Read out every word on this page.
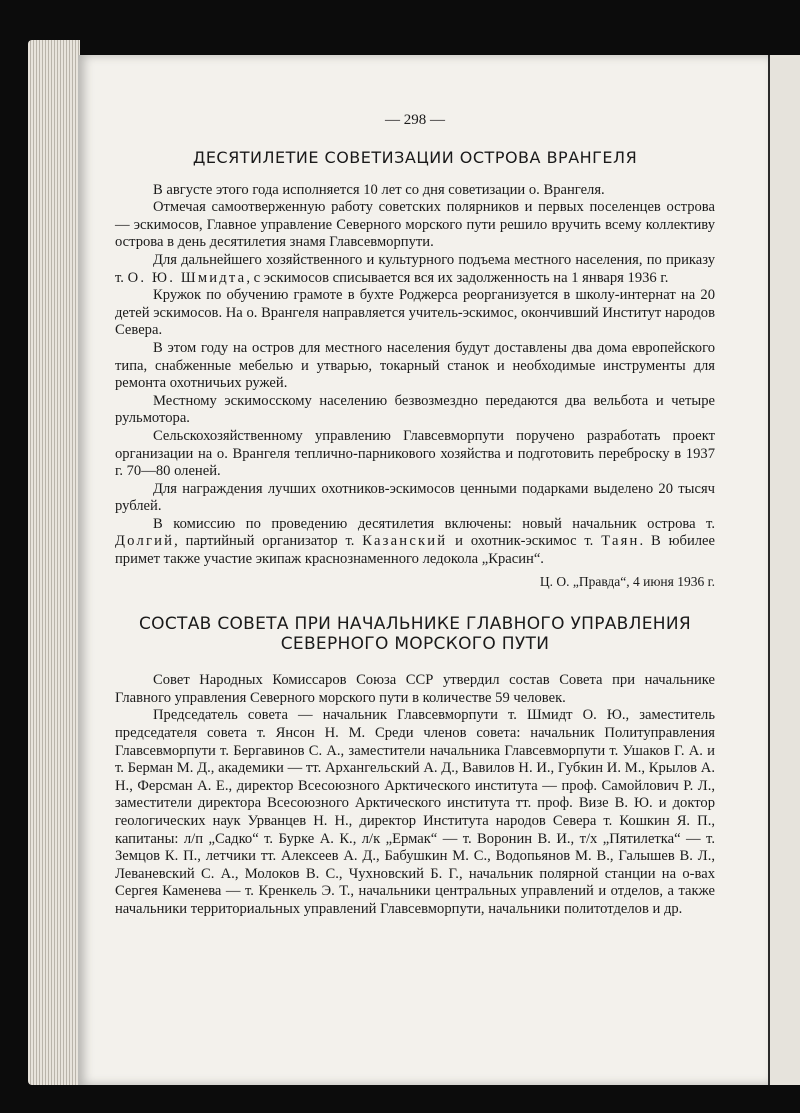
— 298 —
ДЕСЯТИЛЕТИЕ СОВЕТИЗАЦИИ ОСТРОВА ВРАНГЕЛЯ

В августе этого года исполняется 10 лет со дня советизации о. Врангеля.

Отмечая самоотверженную работу советских полярников и первых поселенцев острова — эскимосов, Главное управление Северного морского пути решило вручить всему коллективу острова в день десятилетия знамя Главсевморпути.

Для дальнейшего хозяйственного и культурного подъема местного населения, по приказу т. О. Ю. Шмидта, с эскимосов списывается вся их задолженность на 1 января 1936 г.

Кружок по обучению грамоте в бухте Роджерса реорганизуется в школу-интернат на 20 детей эскимосов. На о. Врангеля направляется учитель-эскимос, окончивший Институт народов Севера.

В этом году на остров для местного населения будут доставлены два дома европейского типа, снабженные мебелью и утварью, токарный станок и необходимые инструменты для ремонта охотничьих ружей.

Местному эскимосскому населению безвозмездно передаются два вельбота и четыре рульмотора.

Сельскохозяйственному управлению Главсевморпути поручено разработать проект организации на о. Врангеля теплично-парникового хозяйства и подготовить переброску в 1937 г. 70—80 оленей.

Для награждения лучших охотников-эскимосов ценными подарками выделено 20 тысяч рублей.

В комиссию по проведению десятилетия включены: новый начальник острова т. Долгий, партийный организатор т. Казанский и охотник-эскимос т. Таян. В юбилее примет также участие экипаж краснознаменного ледокола „Красин“.

Ц. О. „Правда“, 4 июня 1936 г.
СОСТАВ СОВЕТА ПРИ НАЧАЛЬНИКЕ ГЛАВНОГО УПРАВЛЕНИЯ
СЕВЕРНОГО МОРСКОГО ПУТИ

Совет Народных Комиссаров Союза ССР утвердил состав Совета при начальнике Главного управления Северного морского пути в количестве 59 человек.

Председатель совета — начальник Главсевморпути т. Шмидт О. Ю., заместитель председателя совета т. Янсон Н. М. Среди членов совета: начальник Политуправления Главсевморпути т. Бергавинов С. А., заместители начальника Главсевморпути т. Ушаков Г. А. и т. Берман М. Д., академики — тт. Архангельский А. Д., Вавилов Н. И., Губкин И. М., Крылов А. Н., Ферсман А. Е., директор Всесоюзного Арктического института — проф. Самойлович Р. Л., заместители директора Всесоюзного Арктического института тт. проф. Визе В. Ю. и доктор геологических наук Урванцев Н. Н., директор Института народов Севера т. Кошкин Я. П., капитаны: л/п „Садко“ т. Бурке А. К., л/к „Ермак“ — т. Воронин В. И., т/х „Пятилетка“ — т. Земцов К. П., летчики тт. Алексеев А. Д., Бабушкин М. С., Водопьянов М. В., Галышев В. Л., Леваневский С. А., Молоков В. С., Чухновский Б. Г., начальник полярной станции на о-вах Сергея Каменева — т. Кренкель Э. Т., начальники центральных управлений и отделов, а также начальники территориальных управлений Главсевморпути, начальники политотделов и др.
